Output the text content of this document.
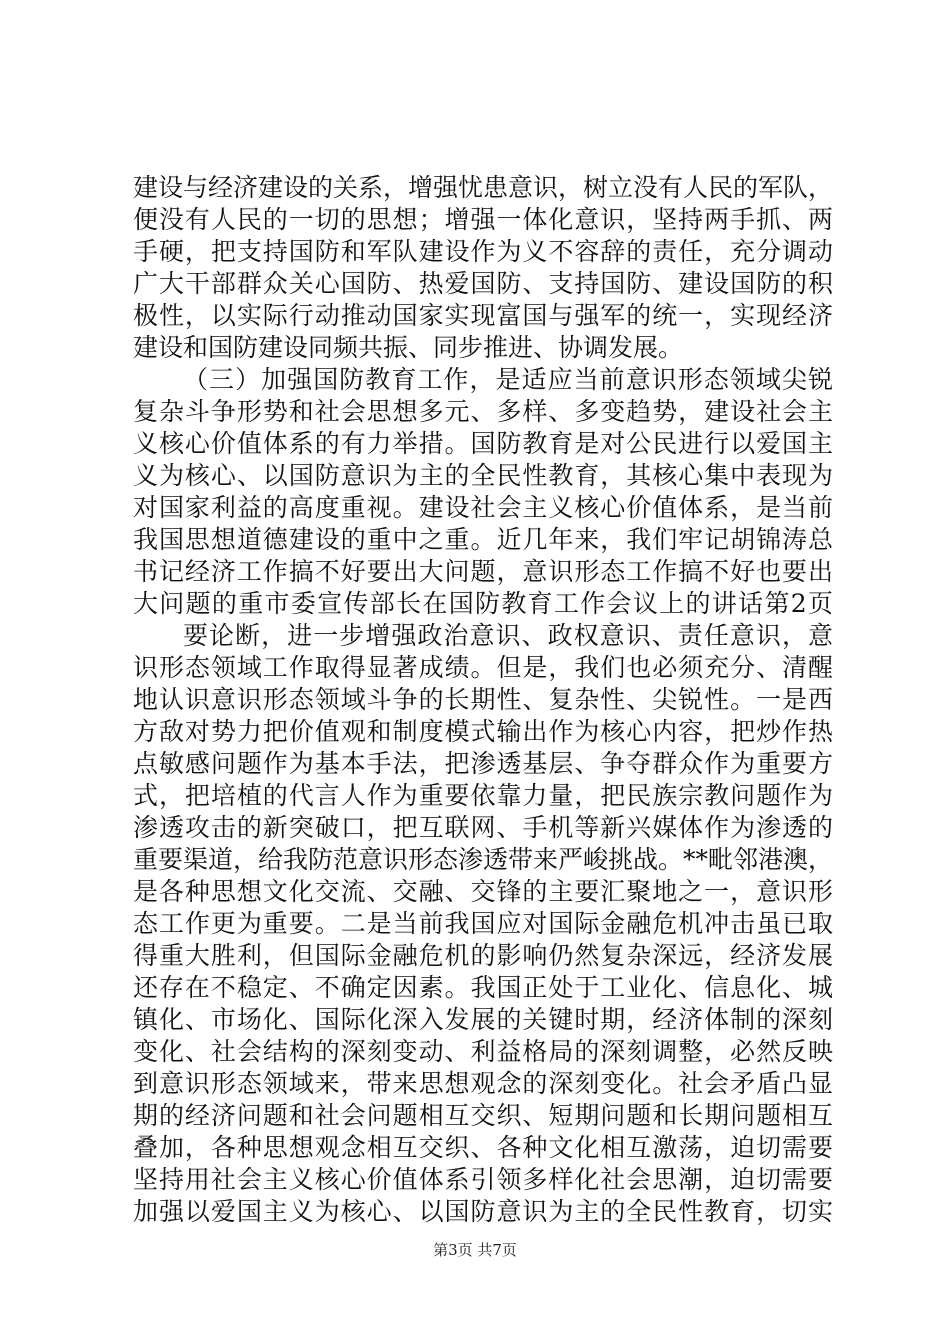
建设与经济建设的关系，增强忧患意识，树立没有人民的军队，
便没有人民的一切的思想；增强一体化意识，坚持两手抓、两
手硬，把支持国防和军队建设作为义不容辞的责任，充分调动
广大干部群众关心国防、热爱国防、支持国防、建设国防的积
极性，以实际行动推动国家实现富国与强军的统一，实现经济
建设和国防建设同频共振、同步推进、协调发展。
（三）加强国防教育工作，是适应当前意识形态领域尖锐
复杂斗争形势和社会思想多元、多样、多变趋势，建设社会主
义核心价值体系的有力举措。国防教育是对公民进行以爱国主
义为核心、以国防意识为主的全民性教育，其核心集中表现为
对国家利益的高度重视。建设社会主义核心价值体系，是当前
我国思想道德建设的重中之重。近几年来，我们牢记胡锦涛总
书记经济工作搞不好要出大问题，意识形态工作搞不好也要出
大问题的重市委宣传部长在国防教育工作会议上的讲话第2页
要论断，进一步增强政治意识、政权意识、责任意识，意
识形态领域工作取得显著成绩。但是，我们也必须充分、清醒
地认识意识形态领域斗争的长期性、复杂性、尖锐性。一是西
方敌对势力把价值观和制度模式输出作为核心内容，把炒作热
点敏感问题作为基本手法，把渗透基层、争夺群众作为重要方
式，把培植的代言人作为重要依靠力量，把民族宗教问题作为
渗透攻击的新突破口，把互联网、手机等新兴媒体作为渗透的
重要渠道，给我防范意识形态渗透带来严峻挑战。**毗邻港澳，
是各种思想文化交流、交融、交锋的主要汇聚地之一，意识形
态工作更为重要。二是当前我国应对国际金融危机冲击虽已取
得重大胜利，但国际金融危机的影响仍然复杂深远，经济发展
还存在不稳定、不确定因素。我国正处于工业化、信息化、城
镇化、市场化、国际化深入发展的关键时期，经济体制的深刻
变化、社会结构的深刻变动、利益格局的深刻调整，必然反映
到意识形态领域来，带来思想观念的深刻变化。社会矛盾凸显
期的经济问题和社会问题相互交织、短期问题和长期问题相互
叠加，各种思想观念相互交织、各种文化相互激荡，迫切需要
坚持用社会主义核心价值体系引领多样化社会思潮，迫切需要
加强以爱国主义为核心、以国防意识为主的全民性教育，切实
第3页 共7页
